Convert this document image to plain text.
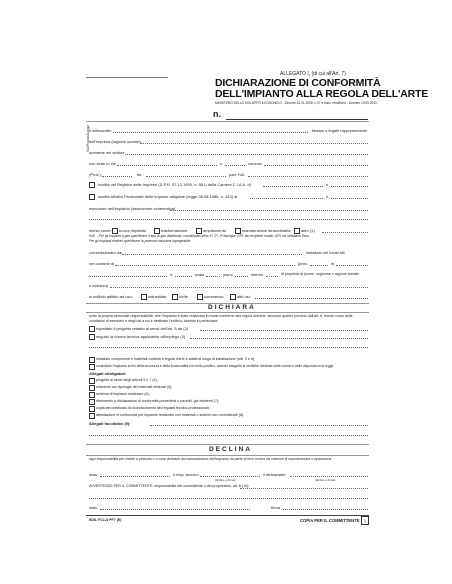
ALLEGATO I, (di cui all'Art. 7)
DICHIARAZIONE DI CONFORMITÀ
DELL'IMPIANTO ALLA REGOLA DELL'ARTE
MINISTERO DELLO SVILUPPO ECONOMICO - Decreto 22.01.2008, n.37 e succ. modifiche - Decreto 19.05.2010
n.
Via/Piazza/Luogo Il sottoscritto	titolare o legale rappresentante
dell'impresa (ragione sociale)
operante nel settore
con sede in via	n.	comune
(Prov.)	tel.	part. IVA
iscritta nel Registro delle Imprese (D.P.R. 07.12.1995, n. 581) della Camera C.I.A.A. di	n.
iscritta all'albo Provinciale delle imprese artigiane (legge 08.08.1985, n. 443) di	n.
esecutore dell'impianto (descrizione schematica)
inteso come: nuovo impianto	trasformazione	ampliamento	manutenzione straordinaria	altro (1)
N.B. - Per gli impianti a gas specificare il tipo di gas distribuito: canalizzato della 1ª, 2ª, 3ª famiglia; GPL da recipienti mobili; GPL da serbatoio fisso.
Per gli impianti elettrici specificare la potenza massima impegnabile.
commissionato da:	installato nei locali siti
nel comune di	(prov.	in
n.	scala	piano	interno	di proprietà di (nome, cognome o ragione sociale
e indirizzo)
in edificio adibito ad uso:	industriale	civile	commercio	altri usi:
DICHIARA
sotto la propria personale responsabilità, che l'impianto è stato realizzato in modo conforme alla regola dell'arte, secondo quanto previsto dall'art. 6, tenuto conto delle condizioni di esercizio e degli usi a cui è destinato l'edificio, avendo in particolare:
rispettato il progetto redatto ai sensi dell'art. 5 da (2)
seguito la norma tecnica applicabile all'impiego (3)
installato componenti e materiali costruiti a regola d'arte e adatti al luogo di installazione (artt. 5 e 6);
controllato l'impianto ai fini della sicurezza e della funzionalità con esito positivo, avendo eseguito le verifiche richieste dalle norme e dalle disposizioni di legge.
Allegati obbligatori:
progetto ai sensi degli articoli 5 e 7 (4);
relazione con tipologie dei materiali utilizzati (5);
schema di impianto realizzato (6);
riferimento a dichiarazioni di conformità precedenti o parziali, già esistenti (7);
copia del certificato di riconoscimento dei requisiti tecnico-professionali;
attestazione di conformità per impianto realizzato con materiali o sistemi non normalizzati (8).
Allegati facoltativi (9):
DECLINA
ogni responsabilità per sinistri a persone o a cose derivanti da manomissione dell'impianto da parte di terzi ovvero da carenze di manutenzione o riparazione.
data	il resp. tecnico
(timbro e firma)
il dichiarante
(timbro e firma)
AVVERTENZE PER IL COMMITTENTE: responsabilità del committente o del proprietario, art. 8 (10):
data	firma
EDIL FC1-8 PF7 (E)	COPIA PER IL COMMITTENTE	1
